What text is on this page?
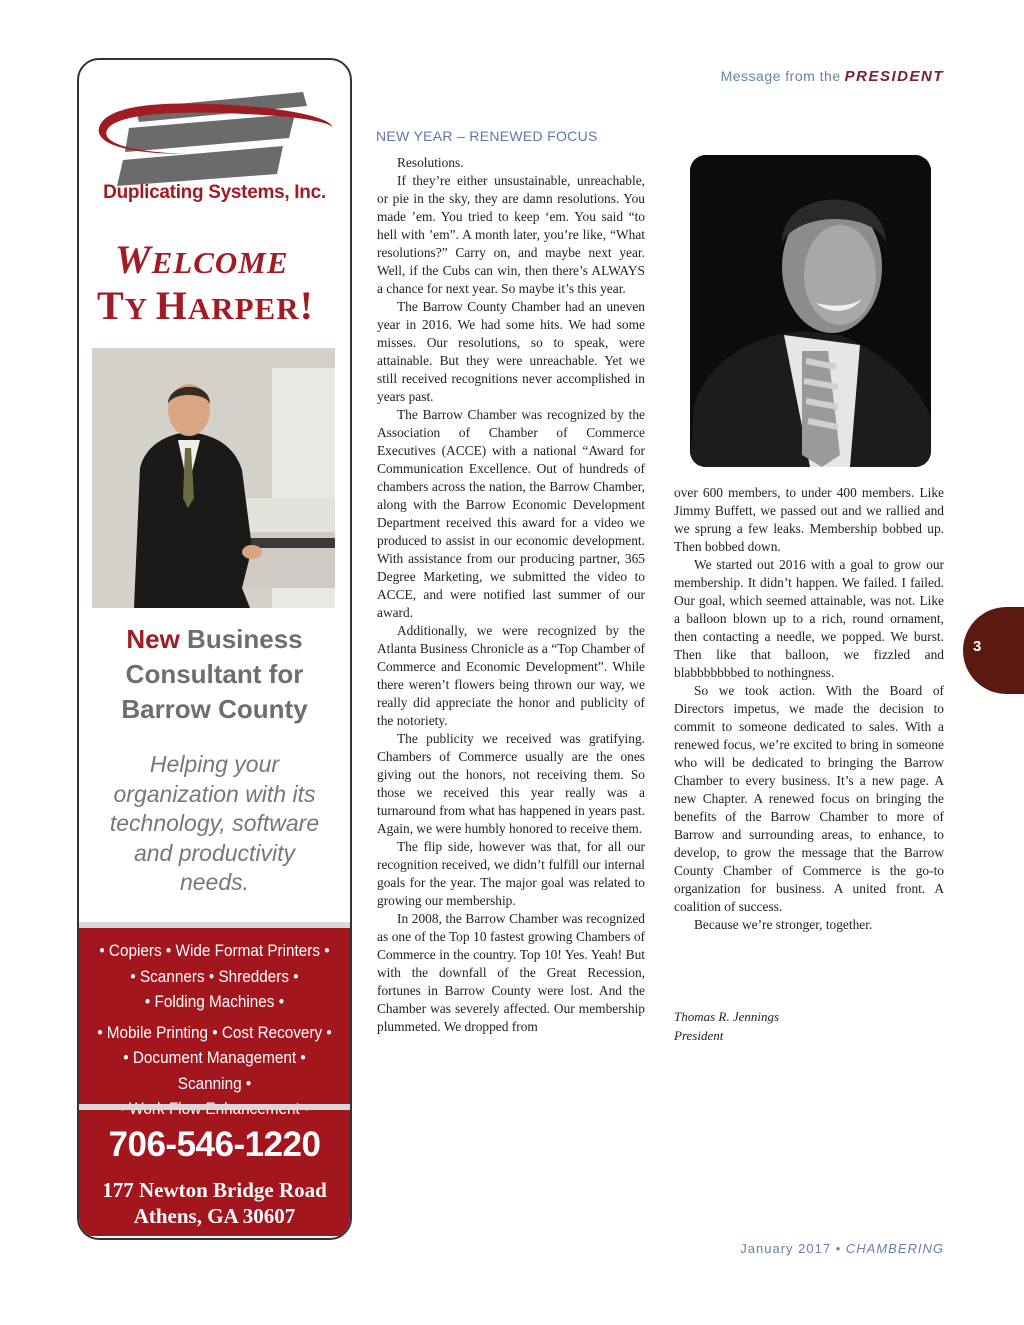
Message from the PRESIDENT
3
Duplicating Systems, Inc.
WELCOME
TY HARPER!
New Business
Consultant for
Barrow County
Helping your
organization with its
technology, software
and productivity
needs.
• Copiers • Wide Format Printers •
• Scanners • Shredders •
• Folding Machines •
• Mobile Printing • Cost Recovery •
• Document Management • Scanning •
706-546-1220
177 Newton Bridge Road
Athens, GA 30607
NEW YEAR – RENEWED FOCUS

Resolutions.

If they’re either unsustainable, unreachable, or pie in the sky, they are damn resolutions. You made ’em. You tried to keep ‘em. You said “to hell with ’em”. A month later, you’re like, “What resolutions?” Carry on, and maybe next year. Well, if the Cubs can win, then there’s ALWAYS a chance for next year. So maybe it’s this year.

The Barrow County Chamber had an uneven year in 2016. We had some hits. We had some misses. Our resolutions, so to speak, were attainable. But they were unreachable. Yet we still received recognitions never accomplished in years past.

The Barrow Chamber was recognized by the Association of Chamber of Commerce Executives (ACCE) with a national “Award for Communication Excellence. Out of hundreds of chambers across the nation, the Barrow Chamber, along with the Barrow Economic Development Department received this award for a video we produced to assist in our economic development. With assistance from our producing partner, 365 Degree Marketing, we submitted the video to ACCE, and were notified last summer of our award.

Additionally, we were recognized by the Atlanta Business Chronicle as a “Top Chamber of Commerce and Economic Development”. While there weren’t flowers being thrown our way, we really did appreciate the honor and publicity of the notoriety.

The publicity we received was gratifying. Chambers of Commerce usually are the ones giving out the honors, not receiving them. So those we received this year really was a turnaround from what has happened in years past. Again, we were humbly honored to receive them.

The flip side, however was that, for all our recognition received, we didn’t fulfill our internal goals for the year. The major goal was related to growing our membership.

In 2008, the Barrow Chamber was recognized as one of the Top 10 fastest growing Chambers of Commerce in the country. Top 10! Yes. Yeah! But with the downfall of the Great Recession, fortunes in Barrow County were lost. And the Chamber was severely affected. Our membership plummeted. We dropped from

over 600 members, to under 400 members. Like Jimmy Buffett, we passed out and we rallied and we sprung a few leaks. Membership bobbed up. Then bobbed down.

We started out 2016 with a goal to grow our membership. It didn’t happen. We failed. I failed. Our goal, which seemed attainable, was not. Like a balloon blown up to a rich, round ornament, then contacting a needle, we popped. We burst. Then like that balloon, we fizzled and blabbbbbbbed to nothingness.

So we took action. With the Board of Directors impetus, we made the decision to commit to someone dedicated to sales. With a renewed focus, we’re excited to bring in someone who will be dedicated to bringing the Barrow Chamber to every business. It’s a new page. A new Chapter. A renewed focus on bringing the benefits of the Barrow Chamber to more of Barrow and surrounding areas, to enhance, to develop, to grow the message that the Barrow County Chamber of Commerce is the go-to organization for business. A united front. A coalition of success.

Because we’re stronger, together.

Thomas R. Jennings
President
January 2017 • CHAMBERING
